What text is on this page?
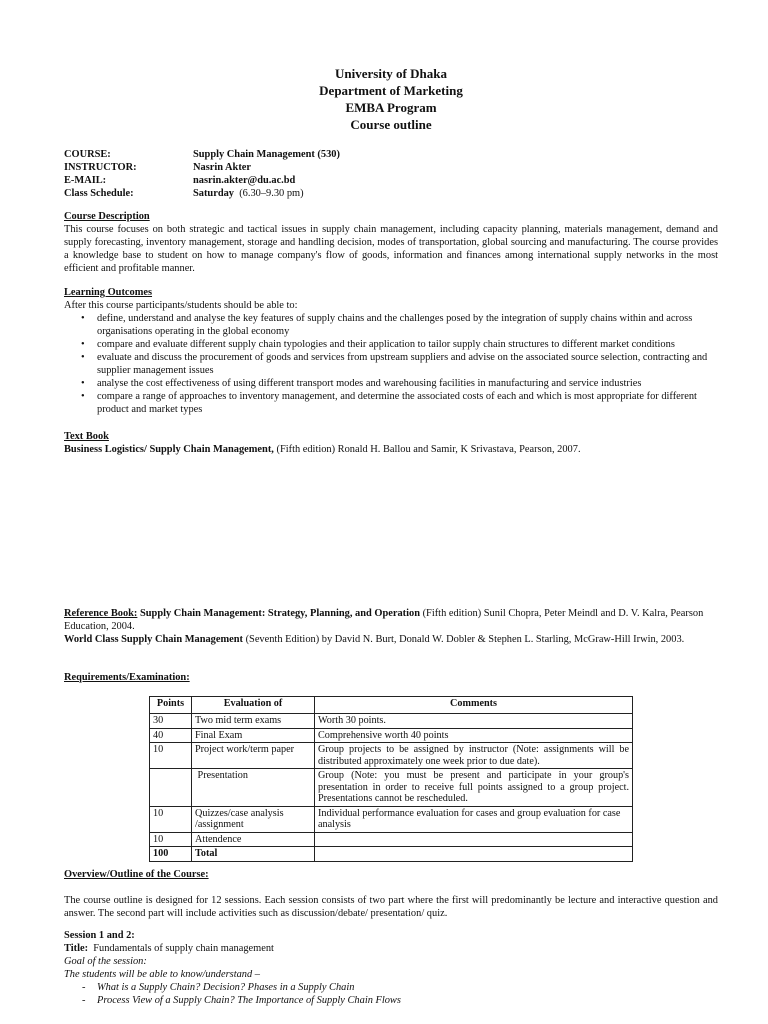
University of Dhaka
Department of Marketing
EMBA Program
Course outline
COURSE:	Supply Chain Management (530)
INSTRUCTOR:	Nasrin Akter
E-MAIL:	nasrin.akter@du.ac.bd
Class Schedule:	Saturday
(6.30–9.30 pm)
Course Description
This course focuses on both strategic and tactical issues in supply chain management, including capacity planning, materials management, demand and supply forecasting, inventory management, storage and handling decision, modes of transportation, global sourcing and manufacturing. The course provides a knowledge base to student on how to manage company's flow of goods, information and finances among international supply networks in the most efficient and profitable manner.
Learning Outcomes
After this course participants/students should be able to:
• define, understand and analyse the key features of supply chains and the challenges posed by the integration of supply chains within and across organisations operating in the global economy
• compare and evaluate different supply chain typologies and their application to tailor supply chain structures to different market conditions
• evaluate and discuss the procurement of goods and services from upstream suppliers and advise on the associated source selection, contracting and supplier management issues
• analyse the cost effectiveness of using different transport modes and warehousing facilities in manufacturing and service industries
• compare a range of approaches to inventory management, and determine the associated costs of each and which is most appropriate for different product and market types
Text Book
Business Logistics/ Supply Chain Management, (Fifth edition) Ronald H. Ballou and Samir, K Srivastava, Pearson, 2007.
Reference Book: Supply Chain Management: Strategy, Planning, and Operation (Fifth edition) Sunil Chopra, Peter Meindl and D. V. Kalra, Pearson Education, 2004.
World Class Supply Chain Management (Seventh Edition) by David N. Burt, Donald W. Dobler & Stephen L. Starling, McGraw-Hill Irwin, 2003.
Requirements/Examination:
Points	Evaluation of	Comments
30	Two mid term exams	Worth 30 points.
40	Final Exam	Comprehensive worth 40 points
10	Project work/term paper	Group projects to be assigned by instructor (Note: assignments will be distributed approximately one week prior to due date).
	Presentation	Group (Note: you must be present and participate in your group's presentation in order to receive full points assigned to a group project. Presentations cannot be rescheduled.
10	Quizzes/case analysis /assignment	Individual performance evaluation for cases and group evaluation for case analysis
10	Attendence	
100	Total	
Overview/Outline of the Course:
The course outline is designed for 12 sessions. Each session consists of two part where the first will predominantly be lecture and interactive question and answer. The second part will include activities such as discussion/debate/ presentation/ quiz.
Session 1 and 2:
Title:  Fundamentals of supply chain management
Goal of the session:
The students will be able to know/understand –
- What is a Supply Chain? Decision? Phases in a Supply Chain
- Process View of a Supply Chain? The Importance of Supply Chain Flows
